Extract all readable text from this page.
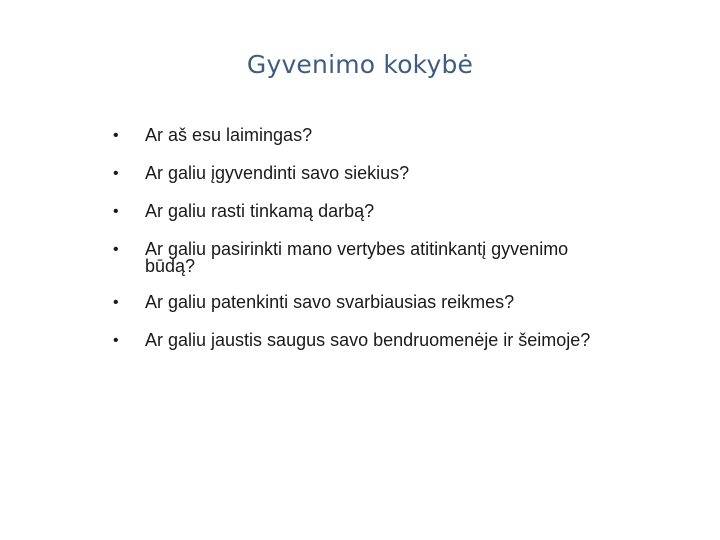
Gyvenimo kokybė
• Ar aš esu laimingas?
• Ar galiu įgyvendinti savo siekius?
• Ar galiu rasti tinkamą darbą?
• Ar galiu pasirinkti mano vertybes atitinkantį gyvenimo būdą?
• Ar galiu patenkinti savo svarbiausias reikmes?
• Ar galiu jaustis saugus savo bendruomenėje ir šeimoje?
